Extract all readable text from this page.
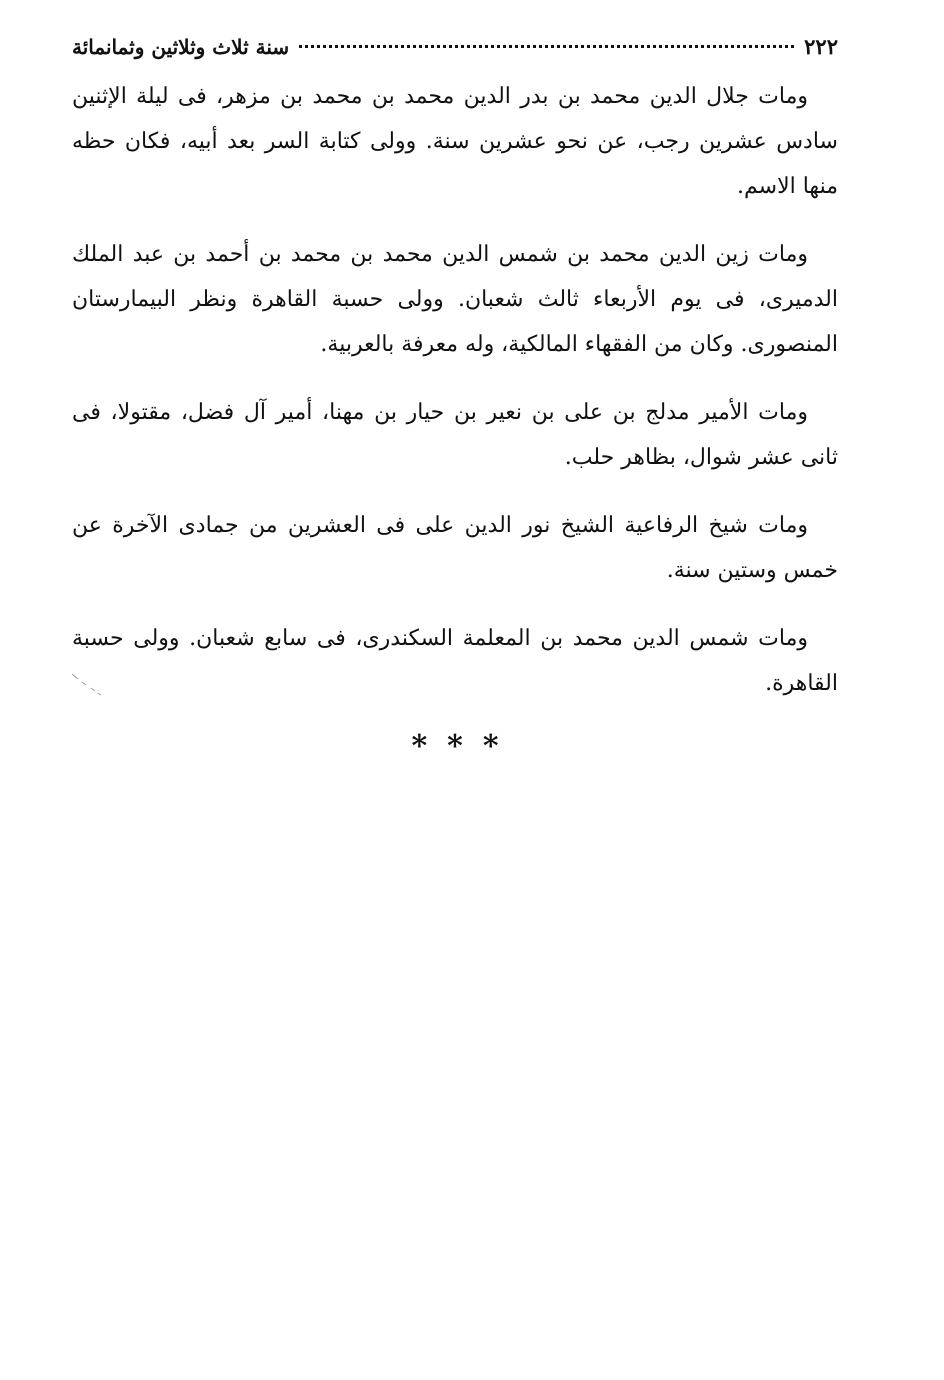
٢٢٢
سنة ثلاث وثلاثين وثمانمائة

ومات جلال الدين محمد بن بدر الدين محمد بن محمد بن مزهر، فى ليلة الإثنين سادس عشرين رجب، عن نحو عشرين سنة. وولى كتابة السر بعد أبيه، فكان حظه منها الاسم.

ومات زين الدين محمد بن شمس الدين محمد بن محمد بن أحمد بن عبد الملك الدميرى، فى يوم الأربعاء ثالث شعبان. وولى حسبة القاهرة ونظر البيمارستان المنصورى. وكان من الفقهاء المالكية، وله معرفة بالعربية.

ومات الأمير مدلج بن على بن نعير بن حيار بن مهنا، أمير آل فضل، مقتولا، فى ثانى عشر شوال، بظاهر حلب.

ومات شيخ الرفاعية الشيخ نور الدين على فى العشرين من جمادى الآخرة عن خمس وستين سنة.

ومات شمس الدين محمد بن المعلمة السكندرى، فى سابع شعبان. وولى حسبة القاهرة.

***
